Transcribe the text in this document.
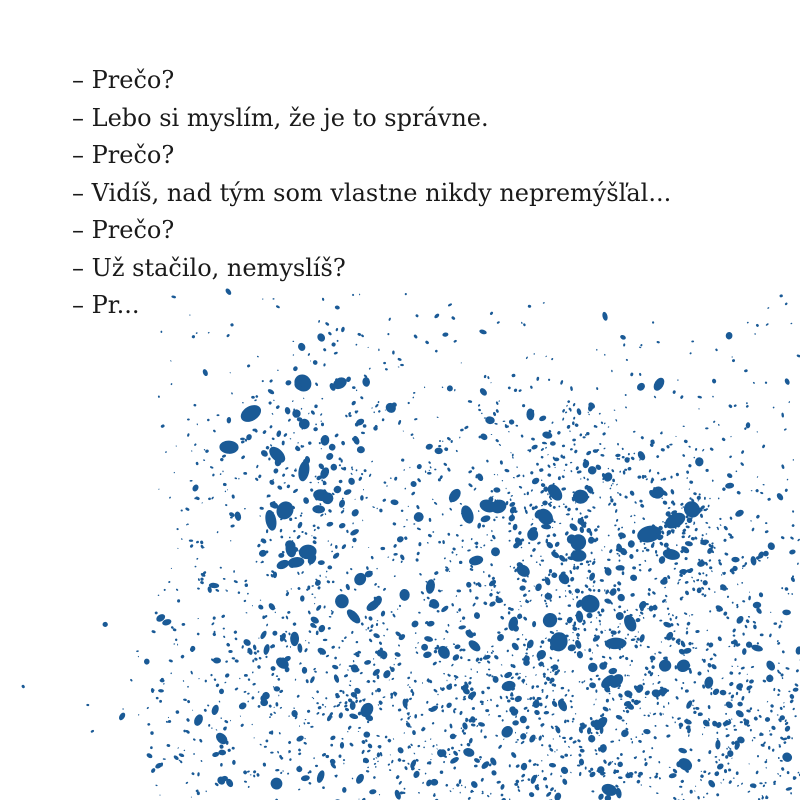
– Prečo?
– Lebo si myslím, že je to správne.
– Prečo?
– Vidíš, nad tým som vlastne nikdy nepremýšľal...
– Prečo?
– Už stačilo, nemyslíš?
– Pr...
